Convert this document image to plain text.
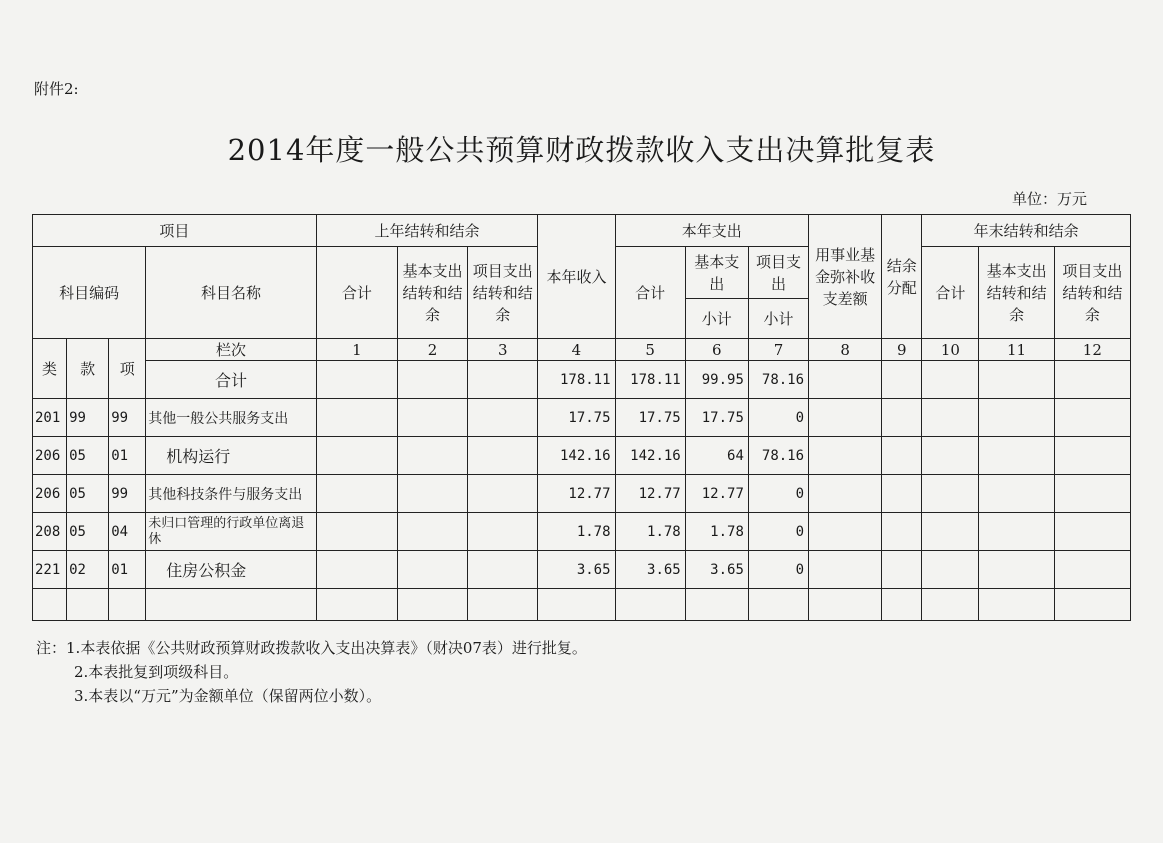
附件2:
2014年度一般公共预算财政拨款收入支出决算批复表
单位：万元
项目				上年结转和结余			本年收入	本年支出			用事业基金弥补收支差额	结余分配	年末结转和结余		
科目编码			科目名称	合计	基本支出结转和结余	项目支出结转和结余		合计	基本支出	项目支出			合计	基本支出结转和结余	项目支出结转和结余
									小计	小计					
类	款	项	栏次	1	2	3	4	5	6	7	8	9	10	11	12
			合计				178.11	178.11	99.95	78.16					
201	99	99	其他一般公共服务支出				17.75	17.75	17.75	0					
206	05	01	机构运行				142.16	142.16	64	78.16					
206	05	99	其他科技条件与服务支出				12.77	12.77	12.77	0					
208	05	04	未归口管理的行政单位离退休				1.78	1.78	1.78	0					
221	02	01	住房公积金				3.65	3.65	3.65	0					

注：1.本表依据《公共财政预算财政拨款收入支出决算表》（财决07表）进行批复。
2.本表批复到项级科目。
3.本表以“万元”为金额单位（保留两位小数）。
